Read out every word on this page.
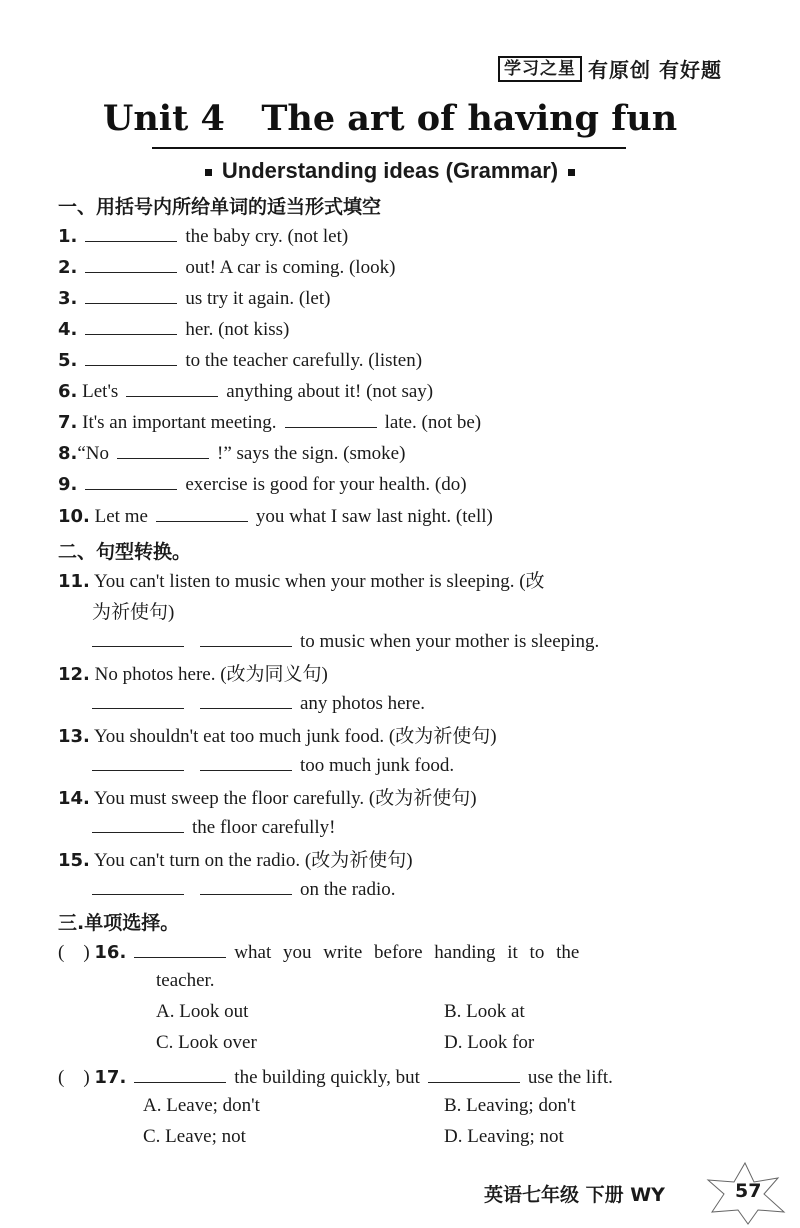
学习之星 有原创 有好题
Unit 4   The art of having fun
Understanding ideas (Grammar)
一、用括号内所给单词的适当形式填空
1.	the baby cry. (not let)
2.	out! A car is coming. (look)
3.	us try it again. (let)
4.	her. (not kiss)
5.	to the teacher carefully. (listen)
6. Let's	anything about it! (not say)
7. It's an important meeting.	late. (not be)
8.“No	!” says the sign. (smoke)
9.	exercise is good for your health. (do)
10. Let me	you what I saw last night. (tell)
二、句型转换。
11. You can't listen to music when your mother is sleeping. (改
为祈使句)
to music when your mother is sleeping.
12. No photos here. (改为同义句)
any photos here.
13. You shouldn't eat too much junk food. (改为祈使句)
too much junk food.
14. You must sweep the floor carefully. (改为祈使句)
the floor carefully!
15. You can't turn on the radio. (改为祈使句)
on the radio.
三.单项选择。
(    ) 16.	what you write before handing it to the
teacher.
A. Look out	B. Look at
C. Look over	D. Look for
(    ) 17.	the building quickly, but	use the lift.
A. Leave; don't	B. Leaving; don't
C. Leave; not	D. Leaving; not
英语七年级 下册 WY	57
